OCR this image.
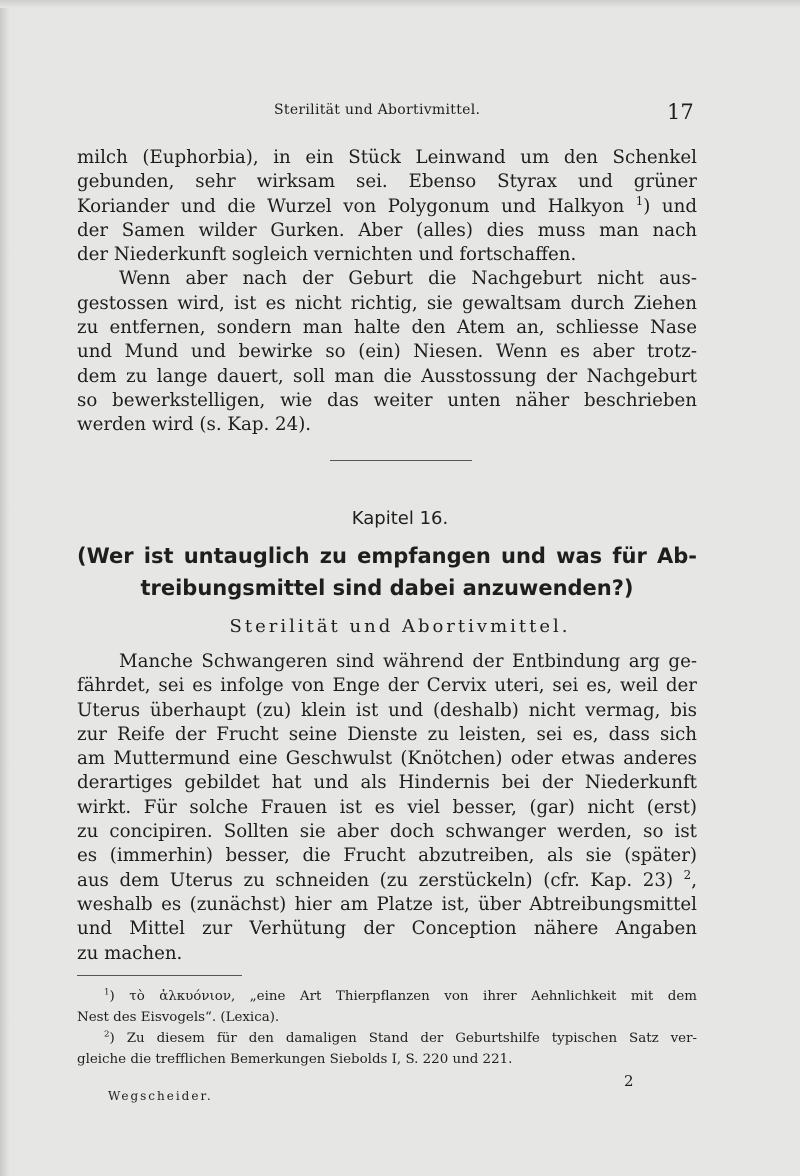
Sterilität und Abortivmittel.	17
milch (Euphorbia), in ein Stück Leinwand um den Schenkel
gebunden, sehr wirksam sei. Ebenso Styrax und grüner
Koriander und die Wurzel von Polygonum und Halkyon $^1$) und
der Samen wilder Gurken. Aber (alles) dies muss man nach
der Niederkunft sogleich vernichten und fortschaffen.
Wenn aber nach der Geburt die Nachgeburt nicht aus-
gestossen wird, ist es nicht richtig, sie gewaltsam durch Ziehen
zu entfernen, sondern man halte den Atem an, schliesse Nase
und Mund und bewirke so (ein) Niesen. Wenn es aber trotz-
dem zu lange dauert, soll man die Ausstossung der Nachgeburt
so bewerkstelligen, wie das weiter unten näher beschrieben
werden wird (s. Kap. 24).
Kapitel 16.
(Wer ist untauglich zu empfangen und was für Ab-
treibungsmittel sind dabei anzuwenden?)
Sterilität und Abortivmittel.
Manche Schwangeren sind während der Entbindung arg ge-
fährdet, sei es infolge von Enge der Cervix uteri, sei es, weil der
Uterus überhaupt (zu) klein ist und (deshalb) nicht vermag, bis
zur Reife der Frucht seine Dienste zu leisten, sei es, dass sich
am Muttermund eine Geschwulst (Knötchen) oder etwas anderes
derartiges gebildet hat und als Hindernis bei der Niederkunft
wirkt. Für solche Frauen ist es viel besser, (gar) nicht (erst)
zu concipiren. Sollten sie aber doch schwanger werden, so ist
es (immerhin) besser, die Frucht abzutreiben, als sie (später)
aus dem Uterus zu schneiden (zu zerstückeln) (cfr. Kap. 23) $^2$,
weshalb es (zunächst) hier am Platze ist, über Abtreibungsmittel
und Mittel zur Verhütung der Conception nähere Angaben
zu machen.
$^1$) τὸ ἀλκυόνιον, „eine Art Thierpflanzen von ihrer Aehnlichkeit mit dem
Nest des Eisvogels“. (Lexica).
$^2$) Zu diesem für den damaligen Stand der Geburtshilfe typischen Satz ver-
gleiche die trefflichen Bemerkungen Siebolds I, S. 220 und 221.
2
Wegscheider.
